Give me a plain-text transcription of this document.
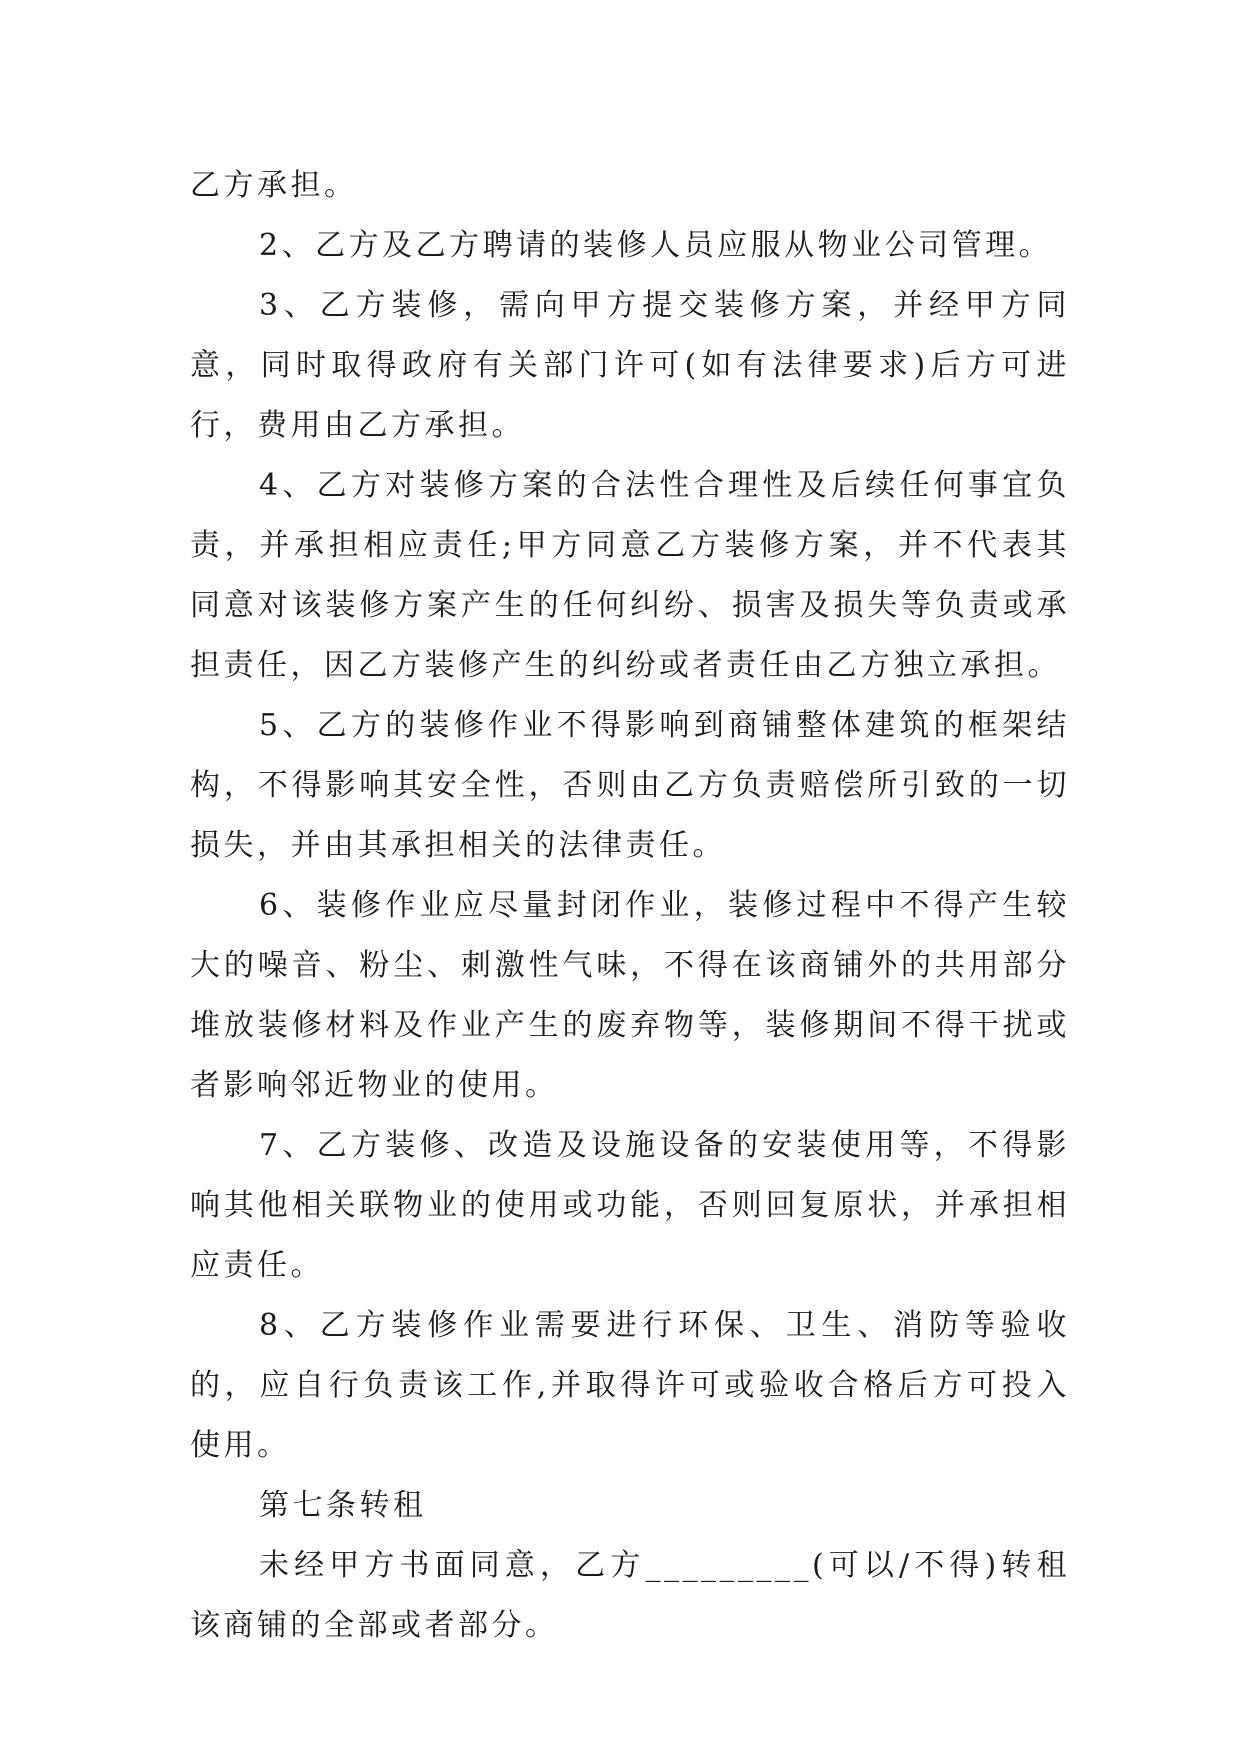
乙方承担。

2、乙方及乙方聘请的装修人员应服从物业公司管理。

3、乙方装修，需向甲方提交装修方案，并经甲方同意，同时取得政府有关部门许可(如有法律要求)后方可进行，费用由乙方承担。

4、乙方对装修方案的合法性合理性及后续任何事宜负责，并承担相应责任;甲方同意乙方装修方案，并不代表其同意对该装修方案产生的任何纠纷、损害及损失等负责或承担责任，因乙方装修产生的纠纷或者责任由乙方独立承担。

5、乙方的装修作业不得影响到商铺整体建筑的框架结构，不得影响其安全性，否则由乙方负责赔偿所引致的一切损失，并由其承担相关的法律责任。

6、装修作业应尽量封闭作业，装修过程中不得产生较大的噪音、粉尘、刺激性气味，不得在该商铺外的共用部分堆放装修材料及作业产生的废弃物等，装修期间不得干扰或者影响邻近物业的使用。

7、乙方装修、改造及设施设备的安装使用等，不得影响其他相关联物业的使用或功能，否则回复原状，并承担相应责任。

8、乙方装修作业需要进行环保、卫生、消防等验收的，应自行负责该工作,并取得许可或验收合格后方可投入使用。

第七条转租

未经甲方书面同意，乙方_________(可以/不得)转租该商铺的全部或者部分。
